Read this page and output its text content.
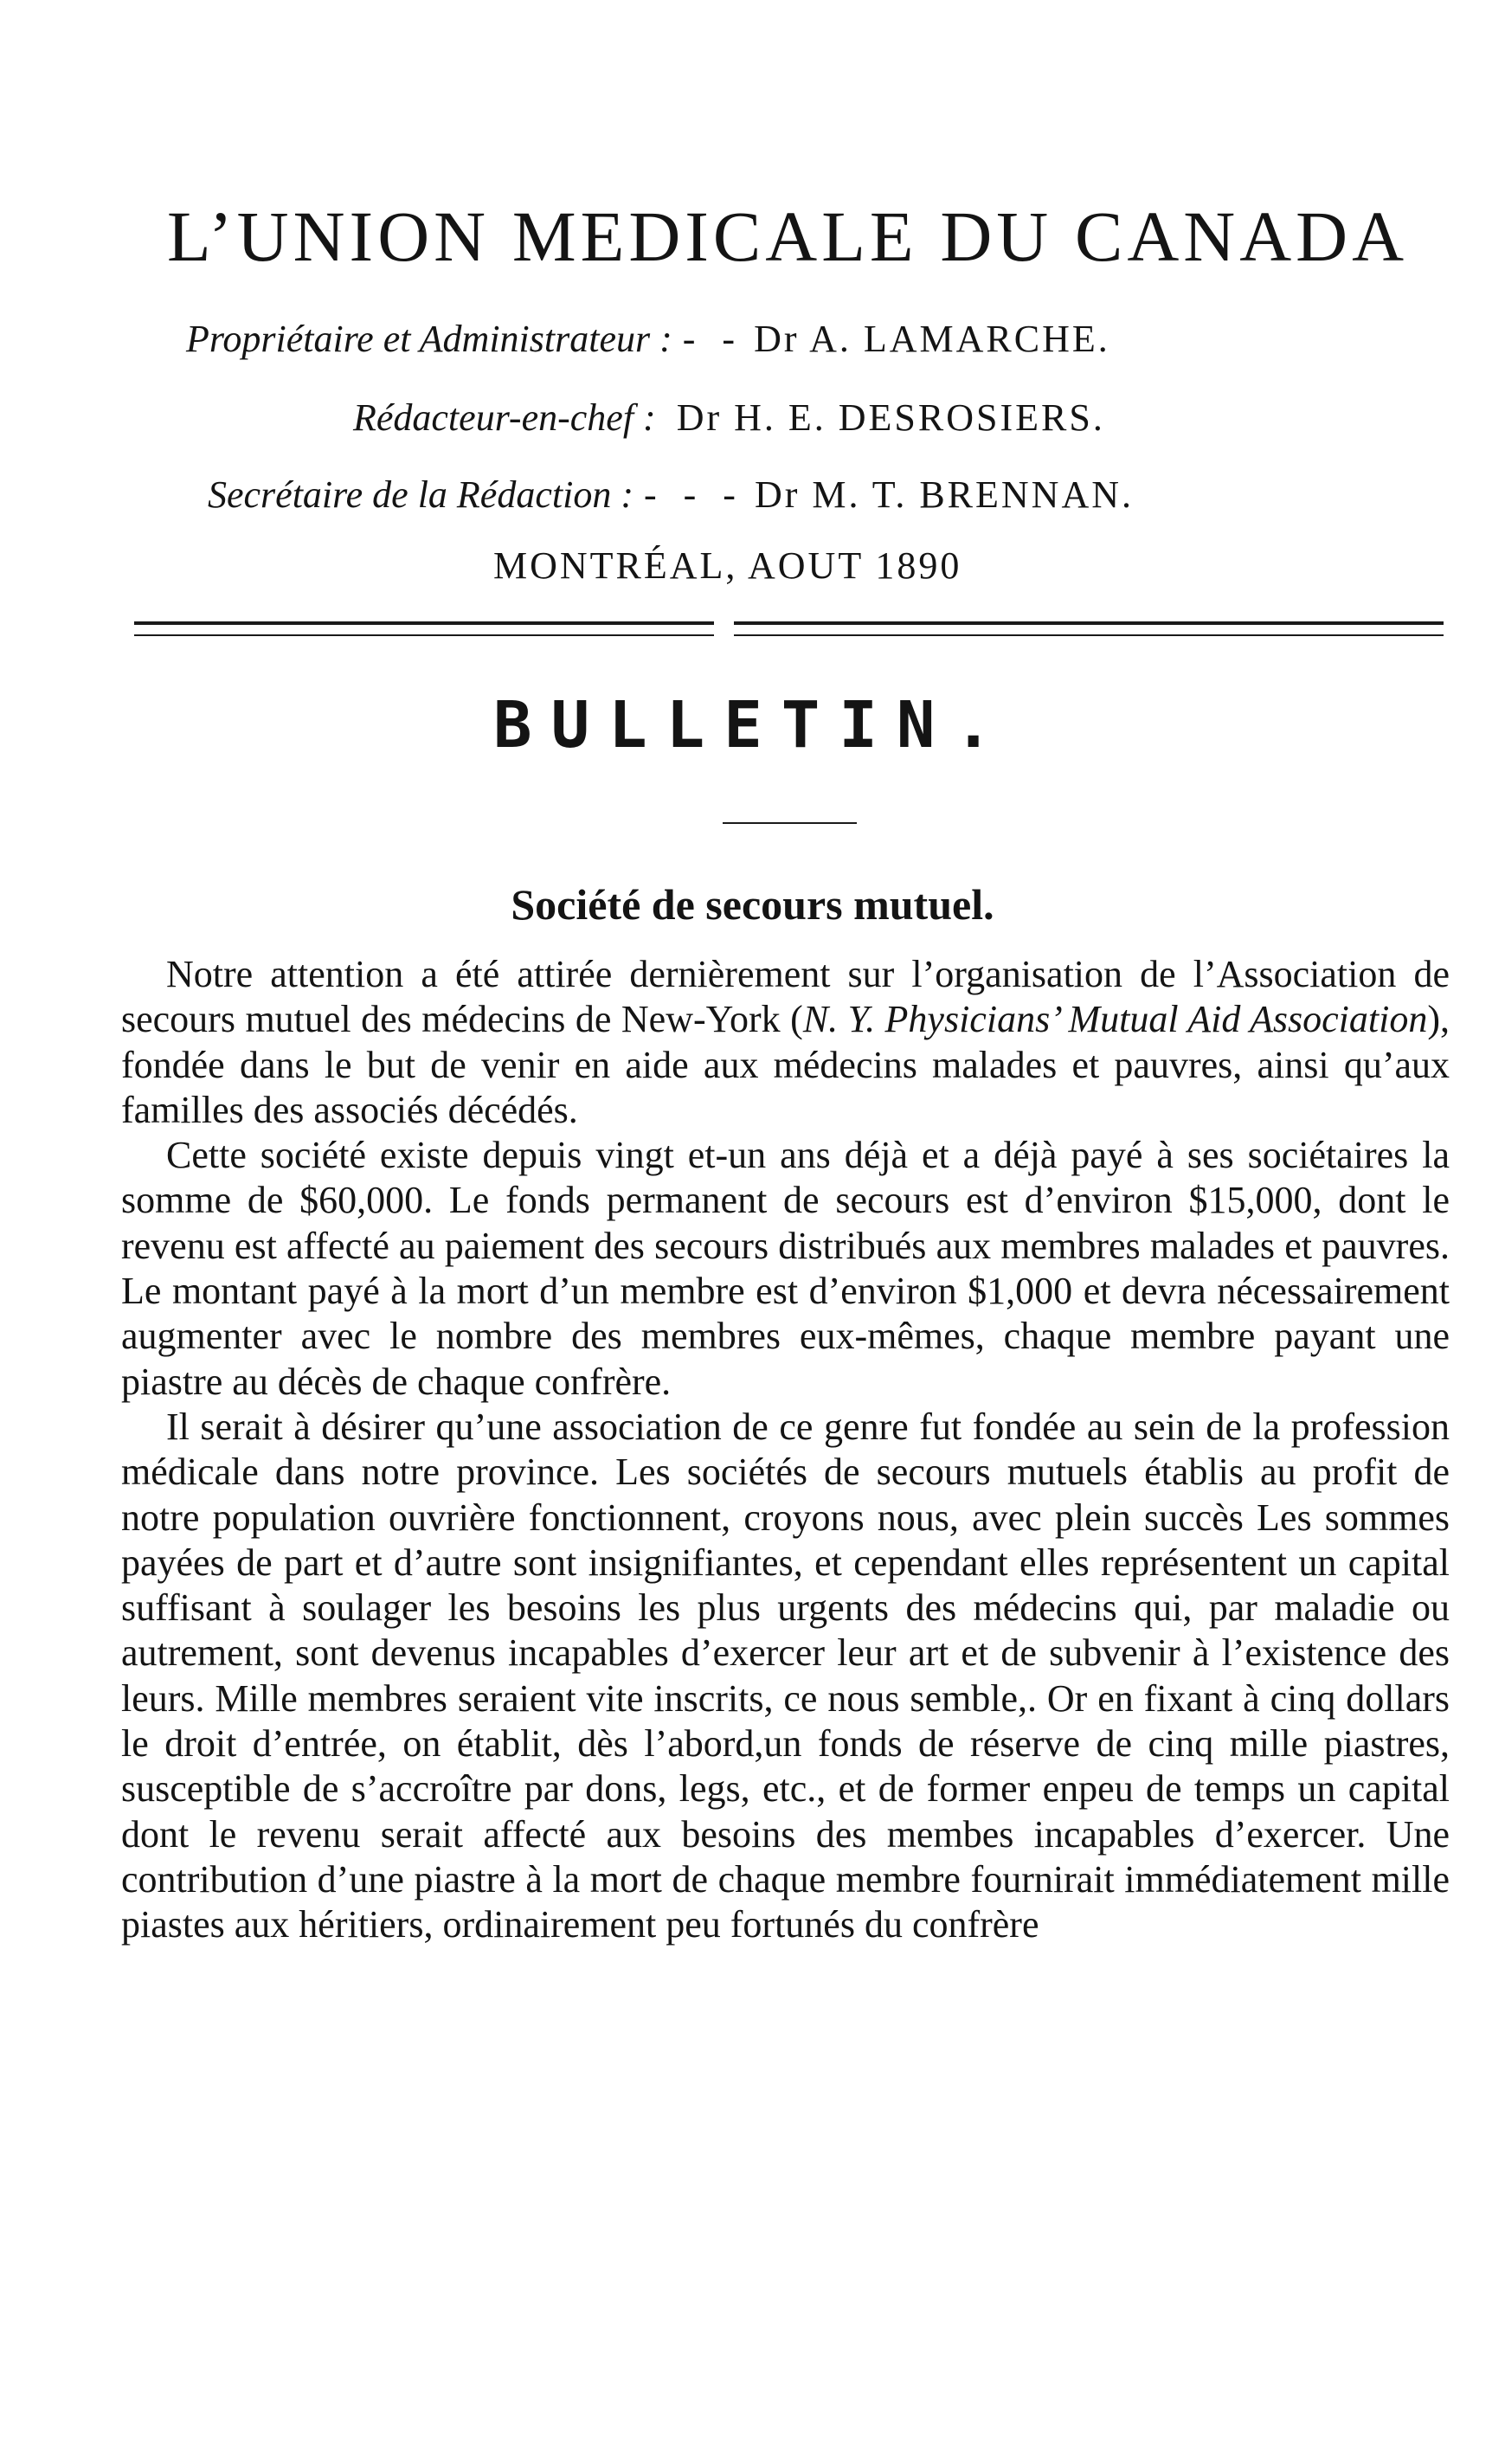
L’UNION MEDICALE DU CANADA
Propriétaire et Administrateur : - - Dr A. LAMARCHE.
Rédacteur-en-chef : Dr H. E. DESROSIERS.
Secrétaire de la Rédaction : - - - Dr M. T. BRENNAN.
MONTRÉAL, AOUT 1890
BULLETIN.
Société de secours mutuel.

Notre attention a été attirée dernièrement sur l’organisation de l’Association de secours mutuel des médecins de New-York (N. Y. Physicians’ Mutual Aid Association), fondée dans le but de venir en aide aux médecins malades et pauvres, ainsi qu’aux familles des associés décédés.

Cette société existe depuis vingt et-un ans déjà et a déjà payé à ses sociétaires la somme de $60,000. Le fonds permanent de secours est d’environ $15,000, dont le revenu est affecté au paiement des secours distribués aux membres malades et pauvres. Le montant payé à la mort d’un membre est d’environ $1,000 et devra nécessairement augmenter avec le nombre des membres eux-mêmes, chaque membre payant une piastre au décès de chaque confrère.

Il serait à désirer qu’une association de ce genre fut fondée au sein de la profession médicale dans notre province. Les sociétés de secours mutuels établis au profit de notre population ouvrière fonctionnent, croyons nous, avec plein succès Les sommes payées de part et d’autre sont insignifiantes, et cependant elles représentent un capital suffisant à soulager les besoins les plus urgents des médecins qui, par maladie ou autrement, sont devenus incapables d’exercer leur art et de subvenir à l’existence des leurs. Mille membres seraient vite inscrits, ce nous semble,. Or en fixant à cinq dollars le droit d’entrée, on établit, dès l’abord,un fonds de réserve de cinq mille piastres, susceptible de s’accroître par dons, legs, etc., et de former enpeu de temps un capital dont le revenu serait affecté aux besoins des membes incapables d’exercer. Une contribution d’une piastre à la mort de chaque membre fournirait immédiatement mille piastes aux héritiers, ordinairement peu fortunés du confrère
